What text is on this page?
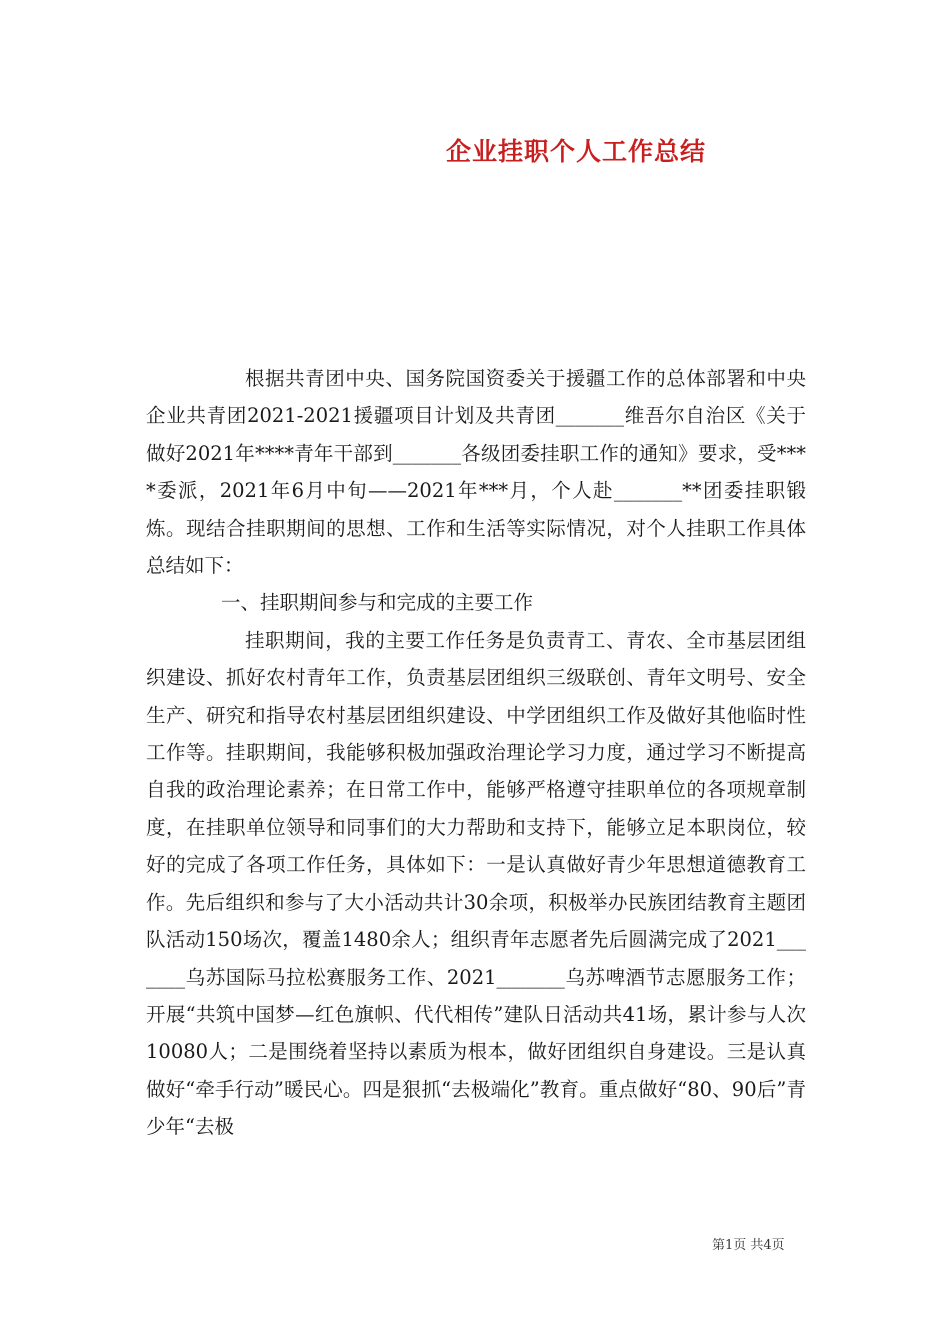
企业挂职个人工作总结

根据共青团中央、国务院国资委关于援疆工作的总体部署和中央企业共青团2021-2021援疆项目计划及共青团_______维吾尔自治区《关于做好2021年****青年干部到_______各级团委挂职工作的通知》要求，受****委派，2021年6月中旬——2021年***月，个人赴_______**团委挂职锻炼。现结合挂职期间的思想、工作和生活等实际情况，对个人挂职工作具体总结如下：

一、挂职期间参与和完成的主要工作

挂职期间，我的主要工作任务是负责青工、青农、全市基层团组织建设、抓好农村青年工作，负责基层团组织三级联创、青年文明号、安全生产、研究和指导农村基层团组织建设、中学团组织工作及做好其他临时性工作等。挂职期间，我能够积极加强政治理论学习力度，通过学习不断提高自我的政治理论素养；在日常工作中，能够严格遵守挂职单位的各项规章制度，在挂职单位领导和同事们的大力帮助和支持下，能够立足本职岗位，较好的完成了各项工作任务，具体如下：一是认真做好青少年思想道德教育工作。先后组织和参与了大小活动共计30余项，积极举办民族团结教育主题团队活动150场次，覆盖1480余人；组织青年志愿者先后圆满完成了2021_______乌苏国际马拉松赛服务工作、2021_______乌苏啤酒节志愿服务工作；开展“共筑中国梦—红色旗帜、代代相传”建队日活动共41场，累计参与人次10080人；二是围绕着坚持以素质为根本，做好团组织自身建设。三是认真做好“牵手行动”暖民心。四是狠抓“去极端化”教育。重点做好“80、90后”青少年“去极

第1页 共4页
